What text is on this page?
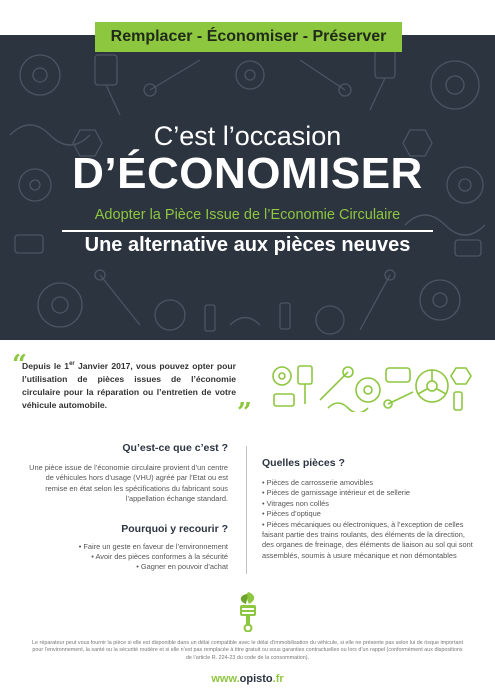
C’est l’occasion
D’ÉCONOMISER
Adopter la Pièce Issue de l’Economie Circulaire
Une alternative aux pièces neuves
Remplacer - Économiser - Préserver
“
Depuis le 1er Janvier 2017, vous pouvez opter pour l’utilisation de pièces issues de l’économie circulaire pour la réparation ou l’entretien de votre véhicule automobile.	”
Qu’est-ce que c’est ?

Une pièce issue de l’économie circulaire provient d’un centre de véhicules hors d’usage (VHU) agréé par l’Etat ou est remise en état selon les spécifications du fabricant sous l’appellation échange standard.

Pourquoi y recourir ?
• Faire un geste en faveur de l’environnement
• Avoir des pièces conformes à la sécurité
• Gagner en pouvoir d’achat
Quelles pièces ?
• Pièces de carrosserie amovibles
• Pièces de garnissage intérieur et de sellerie
• Vitrages non collés
• Pièces d’optique
• Pièces mécaniques ou électroniques, à l’exception de celles faisant partie des trains roulants, des éléments de la direction, des organes de freinage, des éléments de liaison au sol qui sont assemblés, soumis à usure mécanique et non démontables

Le réparateur peut vous fournir la pièce si elle est disponible dans un délai compatible avec le délai d’immobilisation du véhicule, si elle ne présente pas selon lui de risque important pour l’environnement, la santé ou la sécurité routière et si elle n’est pas remplacée à titre gratuit ou sous garanties contractuelles ou lors d’un rappel (conformément aux dispositions de l’article R. 224-23 du code de la consommation).

www.opisto.fr
